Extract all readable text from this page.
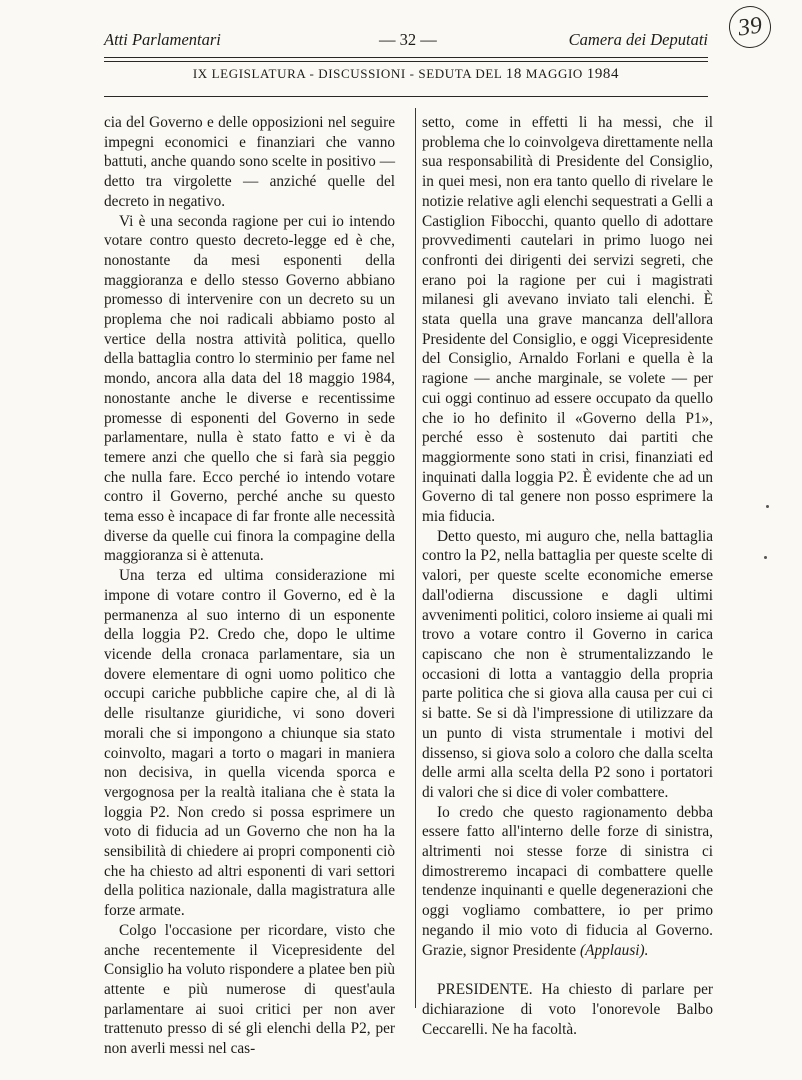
Atti Parlamentari	— 32 —	Camera dei Deputati	39
IX LEGISLATURA - DISCUSSIONI - SEDUTA DEL 18 MAGGIO 1984

cia del Governo e delle opposizioni nel seguire impegni economici e finanziari che vanno battuti, anche quando sono scelte in positivo — detto tra virgolette — anziché quelle del decreto in negativo.

Vi è una seconda ragione per cui io intendo votare contro questo decreto-legge ed è che, nonostante da mesi esponenti della maggioranza e dello stesso Governo abbiano promesso di intervenire con un decreto su un proplema che noi radicali abbiamo posto al vertice della nostra attività politica, quello della battaglia contro lo sterminio per fame nel mondo, ancora alla data del 18 maggio 1984, nonostante anche le diverse e recentissime promesse di esponenti del Governo in sede parlamentare, nulla è stato fatto e vi è da temere anzi che quello che si farà sia peggio che nulla fare. Ecco perché io intendo votare contro il Governo, perché anche su questo tema esso è incapace di far fronte alle necessità diverse da quelle cui finora la compagine della maggioranza si è attenuta.

Una terza ed ultima considerazione mi impone di votare contro il Governo, ed è la permanenza al suo interno di un esponente della loggia P2. Credo che, dopo le ultime vicende della cronaca parlamentare, sia un dovere elementare di ogni uomo politico che occupi cariche pubbliche capire che, al di là delle risultanze giuridiche, vi sono doveri morali che si impongono a chiunque sia stato coinvolto, magari a torto o magari in maniera non decisiva, in quella vicenda sporca e vergognosa per la realtà italiana che è stata la loggia P2. Non credo si possa esprimere un voto di fiducia ad un Governo che non ha la sensibilità di chiedere ai propri componenti ciò che ha chiesto ad altri esponenti di vari settori della politica nazionale, dalla magistratura alle forze armate.

Colgo l'occasione per ricordare, visto che anche recentemente il Vicepresidente del Consiglio ha voluto rispondere a platee ben più attente e più numerose di quest'aula parlamentare ai suoi critici per non aver trattenuto presso di sé gli elenchi della P2, per non averli messi nel cas-

setto, come in effetti li ha messi, che il problema che lo coinvolgeva direttamente nella sua responsabilità di Presidente del Consiglio, in quei mesi, non era tanto quello di rivelare le notizie relative agli elenchi sequestrati a Gelli a Castiglion Fibocchi, quanto quello di adottare provvedimenti cautelari in primo luogo nei confronti dei dirigenti dei servizi segreti, che erano poi la ragione per cui i magistrati milanesi gli avevano inviato tali elenchi. È stata quella una grave mancanza dell'allora Presidente del Consiglio, e oggi Vicepresidente del Consiglio, Arnaldo Forlani e quella è la ragione — anche marginale, se volete — per cui oggi continuo ad essere occupato da quello che io ho definito il «Governo della P1», perché esso è sostenuto dai partiti che maggiormente sono stati in crisi, finanziati ed inquinati dalla loggia P2. È evidente che ad un Governo di tal genere non posso esprimere la mia fiducia.

Detto questo, mi auguro che, nella battaglia contro la P2, nella battaglia per queste scelte di valori, per queste scelte economiche emerse dall'odierna discussione e dagli ultimi avvenimenti politici, coloro insieme ai quali mi trovo a votare contro il Governo in carica capiscano che non è strumentalizzando le occasioni di lotta a vantaggio della propria parte politica che si giova alla causa per cui ci si batte. Se si dà l'impressione di utilizzare da un punto di vista strumentale i motivi del dissenso, si giova solo a coloro che dalla scelta delle armi alla scelta della P2 sono i portatori di valori che si dice di voler combattere.

Io credo che questo ragionamento debba essere fatto all'interno delle forze di sinistra, altrimenti noi stesse forze di sinistra ci dimostreremo incapaci di combattere quelle tendenze inquinanti e quelle degenerazioni che oggi vogliamo combattere, io per primo negando il mio voto di fiducia al Governo. Grazie, signor Presidente (Applausi).

PRESIDENTE. Ha chiesto di parlare per dichiarazione di voto l'onorevole Balbo Ceccarelli. Ne ha facoltà.
